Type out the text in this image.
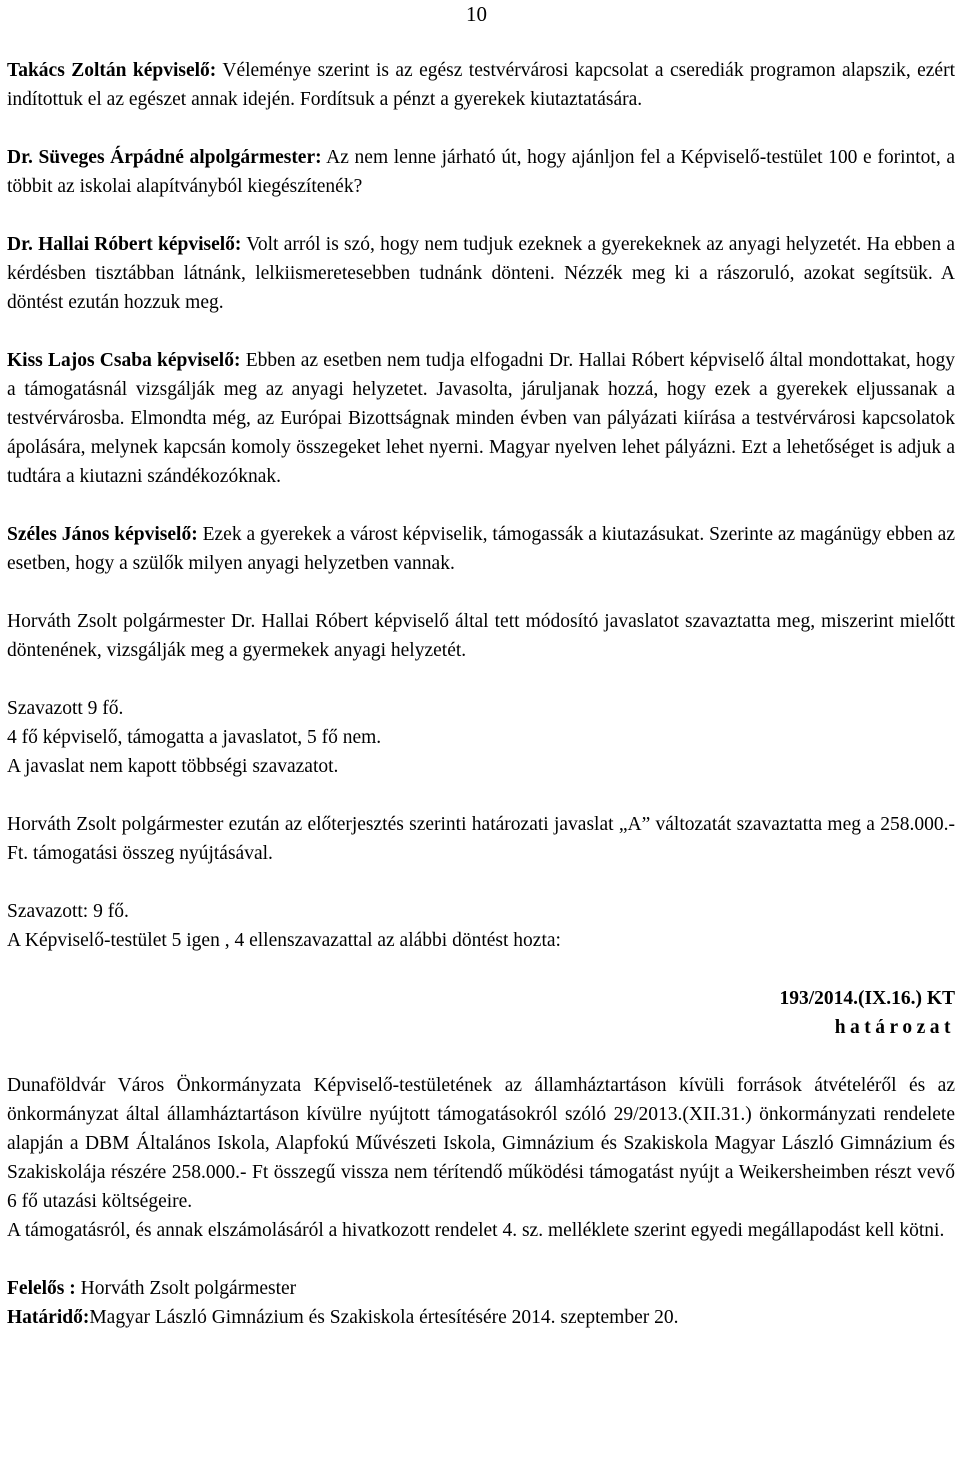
10

Takács Zoltán képviselő: Véleménye szerint is az egész testvérvárosi kapcsolat a cserediák programon alapszik, ezért indítottuk el az egészet annak idején. Fordítsuk a pénzt a gyerekek kiutaztatására.

Dr. Süveges Árpádné alpolgármester: Az nem lenne járható út, hogy ajánljon fel a Képviselő-testület 100 e forintot, a többit az iskolai alapítványból kiegészítenék?

Dr. Hallai Róbert képviselő: Volt arról is szó, hogy nem tudjuk ezeknek a gyerekeknek az anyagi helyzetét. Ha ebben a kérdésben tisztábban látnánk, lelkiismeretesebben tudnánk dönteni. Nézzék meg ki a rászoruló, azokat segítsük. A döntést ezután hozzuk meg.

Kiss Lajos Csaba képviselő: Ebben az esetben nem tudja elfogadni Dr. Hallai Róbert képviselő által mondottakat, hogy a támogatásnál vizsgálják meg az anyagi helyzetet. Javasolta, járuljanak hozzá, hogy ezek a gyerekek eljussanak a testvérvárosba. Elmondta még, az Európai Bizottságnak minden évben van pályázati kiírása a testvérvárosi kapcsolatok ápolására, melynek kapcsán komoly összegeket lehet nyerni. Magyar nyelven lehet pályázni. Ezt a lehetőséget is adjuk a tudtára a kiutazni szándékozóknak.

Széles János képviselő: Ezek a gyerekek a várost képviselik, támogassák a kiutazásukat. Szerinte az magánügy ebben az esetben, hogy a szülők milyen anyagi helyzetben vannak.

Horváth Zsolt polgármester Dr. Hallai Róbert képviselő által tett módosító javaslatot szavaztatta meg, miszerint mielőtt döntenének, vizsgálják meg a gyermekek anyagi helyzetét.

Szavazott 9 fő.

4 fő képviselő, támogatta a javaslatot, 5 fő nem.

A javaslat nem kapott többségi szavazatot.

Horváth Zsolt polgármester ezután az előterjesztés szerinti határozati javaslat „A” változatát szavaztatta meg a 258.000.- Ft. támogatási összeg nyújtásával.

Szavazott: 9 fő.

A Képviselő-testület 5 igen , 4 ellenszavazattal az alábbi döntést hozta:

193/2014.(IX.16.) KT

határozat

Dunaföldvár Város Önkormányzata Képviselő-testületének az államháztartáson kívüli források átvételéről és az önkormányzat által államháztartáson kívülre nyújtott támogatásokról szóló 29/2013.(XII.31.) önkormányzati rendelete alapján a DBM Általános Iskola, Alapfokú Művészeti Iskola, Gimnázium és Szakiskola Magyar László Gimnázium és Szakiskolája részére 258.000.- Ft összegű vissza nem térítendő működési támogatást nyújt a Weikersheimben részt vevő 6 fő utazási költségeire.

A támogatásról, és annak elszámolásáról a hivatkozott rendelet 4. sz. melléklete szerint egyedi megállapodást kell kötni.

Felelős : Horváth Zsolt polgármester

Határidő:Magyar László Gimnázium és Szakiskola értesítésére 2014. szeptember 20.
